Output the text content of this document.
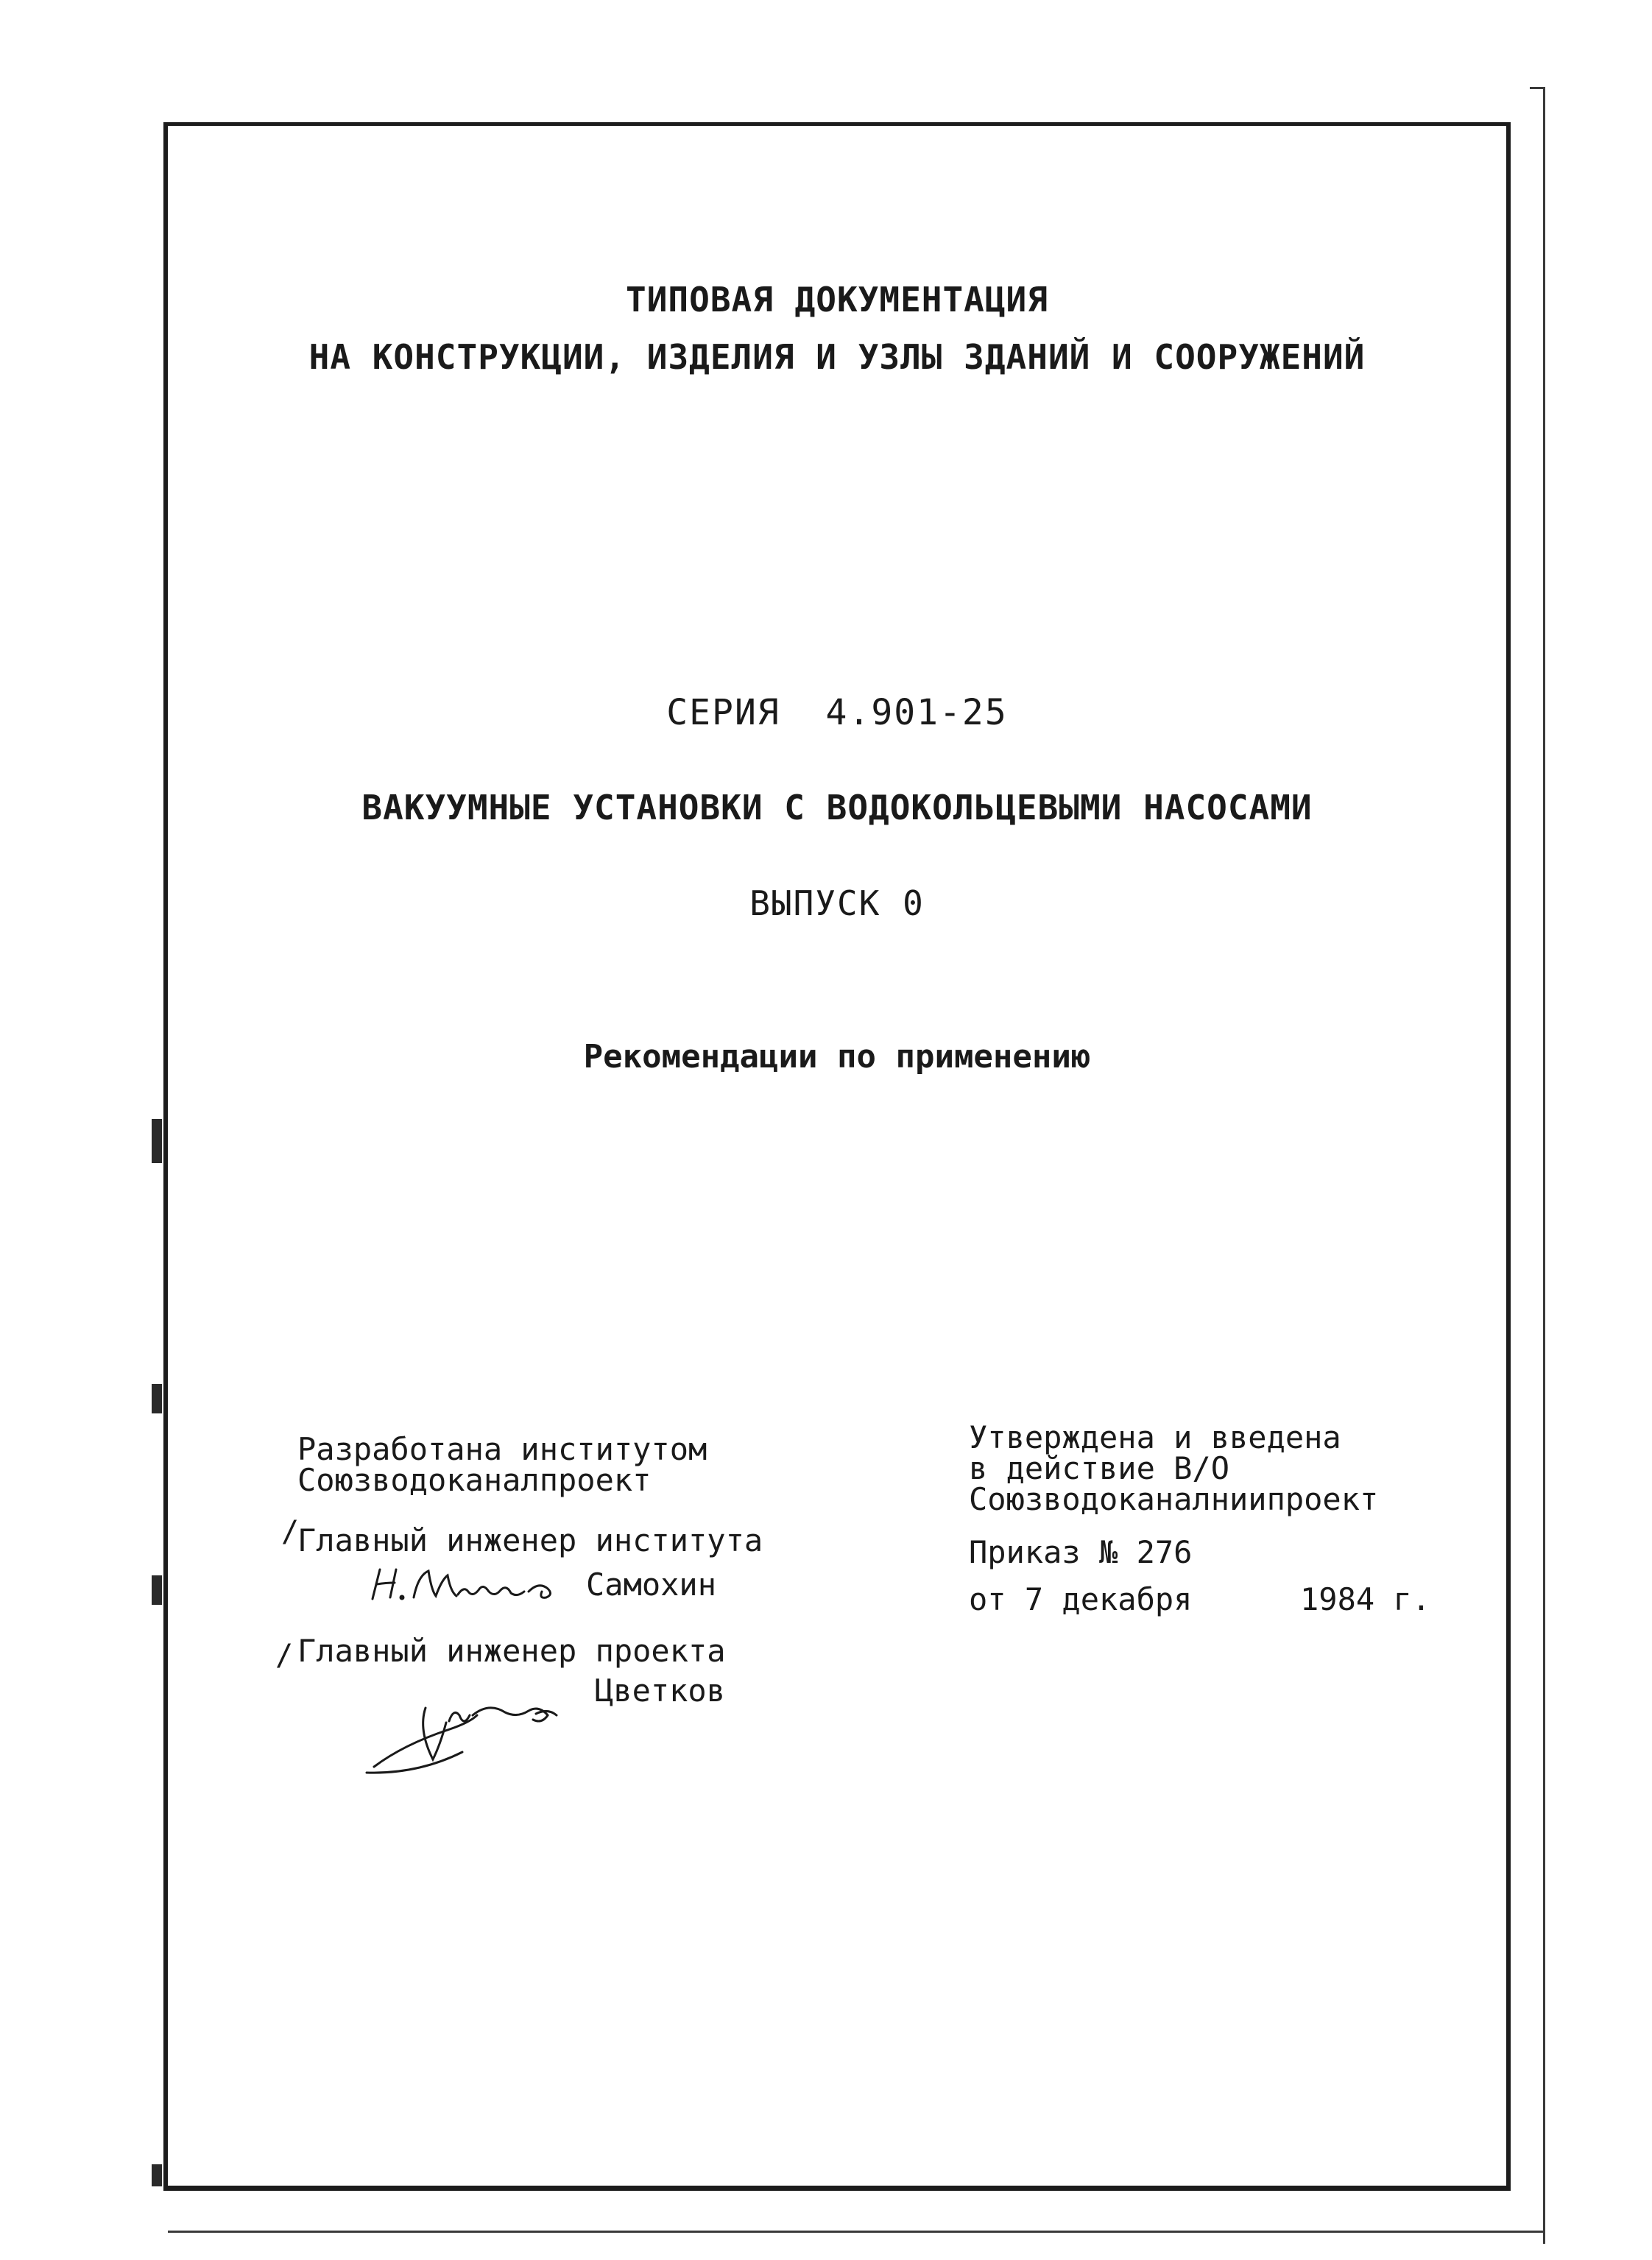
ТИПОВАЯ ДОКУМЕНТАЦИЯ
НА КОНСТРУКЦИИ, ИЗДЕЛИЯ И УЗЛЫ ЗДАНИЙ И СООРУЖЕНИЙ
СЕРИЯ  4.901-25
ВАКУУМНЫЕ УСТАНОВКИ С ВОДОКОЛЬЦЕВЫМИ НАСОСАМИ
ВЫПУСК 0
Рекомендации по применению
Разработана институтом
Союзводоканалпроект
Главный инженер института
Самохин
Главный инженер проекта
Цветков
/
/
Утверждена и введена
в действие В/О
Союзводоканалниипроект
Приказ № 276
от 7 декабря	1984 г.
